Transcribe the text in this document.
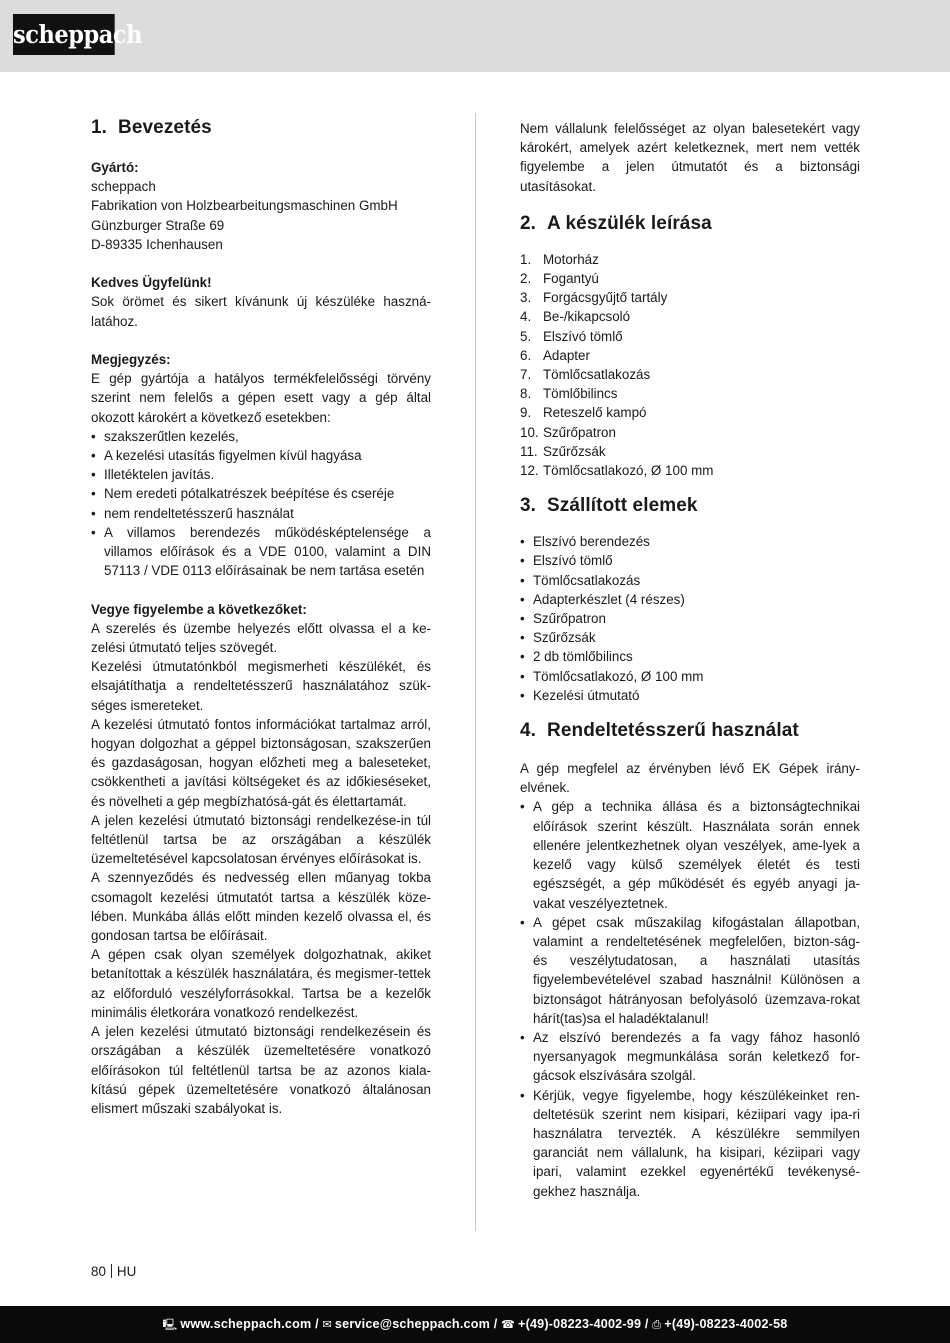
scheppach
1. Bevezetés
Gyártó:
scheppach
Fabrikation von Holzbearbeitungsmaschinen GmbH
Günzburger Straße 69
D-89335 Ichenhausen
Kedves Ügyfelünk!
Sok örömet és sikert kívánunk új készüléke haszná-latához.
Megjegyzés:
E gép gyártója a hatályos termékfelelősségi törvény szerint nem felelős a gépen esett vagy a gép által okozott károkért a következő esetekben:
• szakszerűtlen kezelés,
• A kezelési utasítás figyelmen kívül hagyása
• Illetéktelen javítás.
• Nem eredeti pótalkatrészek beépítése és cseréje
• nem rendeltetésszerű használat
• A villamos berendezés működésképtelensége a villamos előírások és a VDE 0100, valamint a DIN 57113 / VDE 0113 előírásainak be nem tartása esetén
Vegye figyelembe a következőket:
A szerelés és üzembe helyezés előtt olvassa el a ke-zelési útmutató teljes szövegét.
Kezelési útmutatónkból megismerheti készülékét, és elsajátíthatja a rendeltetésszerű használatához szük-séges ismereteket.
A kezelési útmutató fontos információkat tartalmaz arról, hogyan dolgozhat a géppel biztonságosan, szakszerűen és gazdaságosan, hogyan előzheti meg a baleseteket, csökkentheti a javítási költségeket és az időkieséseket, és növelheti a gép megbízhatósá-gát és élettartamát.
A jelen kezelési útmutató biztonsági rendelkezése-in túl feltétlenül tartsa be az országában a készülék üzemeltetésével kapcsolatosan érvényes előírásokat is.
A szennyeződés és nedvesség ellen műanyag tokba csomagolt kezelési útmutatót tartsa a készülék köze-lében. Munkába állás előtt minden kezelő olvassa el, és gondosan tartsa be előírásait.
A gépen csak olyan személyek dolgozhatnak, akiket betanítottak a készülék használatára, és megismer-tettek az előforduló veszélyforrásokkal. Tartsa be a kezelők minimális életkorára vonatkozó rendelkezést.
A jelen kezelési útmutató biztonsági rendelkezésein és országában a készülék üzemeltetésére vonatkozó előírásokon túl feltétlenül tartsa be az azonos kiala-kítású gépek üzemeltetésére vonatkozó általánosan elismert műszaki szabályokat is.
Nem vállalunk felelősséget az olyan balesetekért vagy károkért, amelyek azért keletkeznek, mert nem vették figyelembe a jelen útmutatót és a biztonsági utasításokat.
2. A készülék leírása
1. Motorház
2. Fogantyú
3. Forgácsgyűjtő tartály
4. Be-/kikapcsoló
5. Elszívó tömlő
6. Adapter
7. Tömlőcsatlakozás
8. Tömlőbilincs
9. Reteszelő kampó
10. Szűrőpatron
11. Szűrőzsák
12. Tömlőcsatlakozó, Ø 100 mm
3. Szállított elemek
• Elszívó berendezés
• Elszívó tömlő
• Tömlőcsatlakozás
• Adapterkészlet (4 részes)
• Szűrőpatron
• Szűrőzsák
• 2 db tömlőbilincs
• Tömlőcsatlakozó, Ø 100 mm
• Kezelési útmutató
4. Rendeltetésszerű használat
A gép megfelel az érvényben lévő EK Gépek irány-elvének.
• A gép a technika állása és a biztonságtechnikai előírások szerint készült. Használata során ennek ellenére jelentkezhetnek olyan veszélyek, ame-lyek a kezelő vagy külső személyek életét és testi egészségét, a gép működését és egyéb anyagi ja-vakat veszélyeztetnek.
• A gépet csak műszakilag kifogástalan állapotban, valamint a rendeltetésének megfelelően, bizton-ság- és veszélytudatosan, a használati utasítás figyelembevételével szabad használni! Különösen a biztonságot hátrányosan befolyásoló üzemzava-rokat hárít(tas)sa el haladéktalanul!
• Az elszívó berendezés a fa vagy fához hasonló nyersanyagok megmunkálása során keletkező for-gácsok elszívására szolgál.
• Kérjük, vegye figyelembe, hogy készülékeinket ren-deltetésük szerint nem kisipari, kéziipari vagy ipa-ri használatra tervezték. A készülékre semmilyen garanciát nem vállalunk, ha kisipari, kéziipari vagy ipari, valamint ezekkel egyenértékű tevékenysé-gekhez használja.
80 HU
🖳 www.scheppach.com / ✉ service@scheppach.com / ☎ +(49)-08223-4002-99 / ⎙ +(49)-08223-4002-58
